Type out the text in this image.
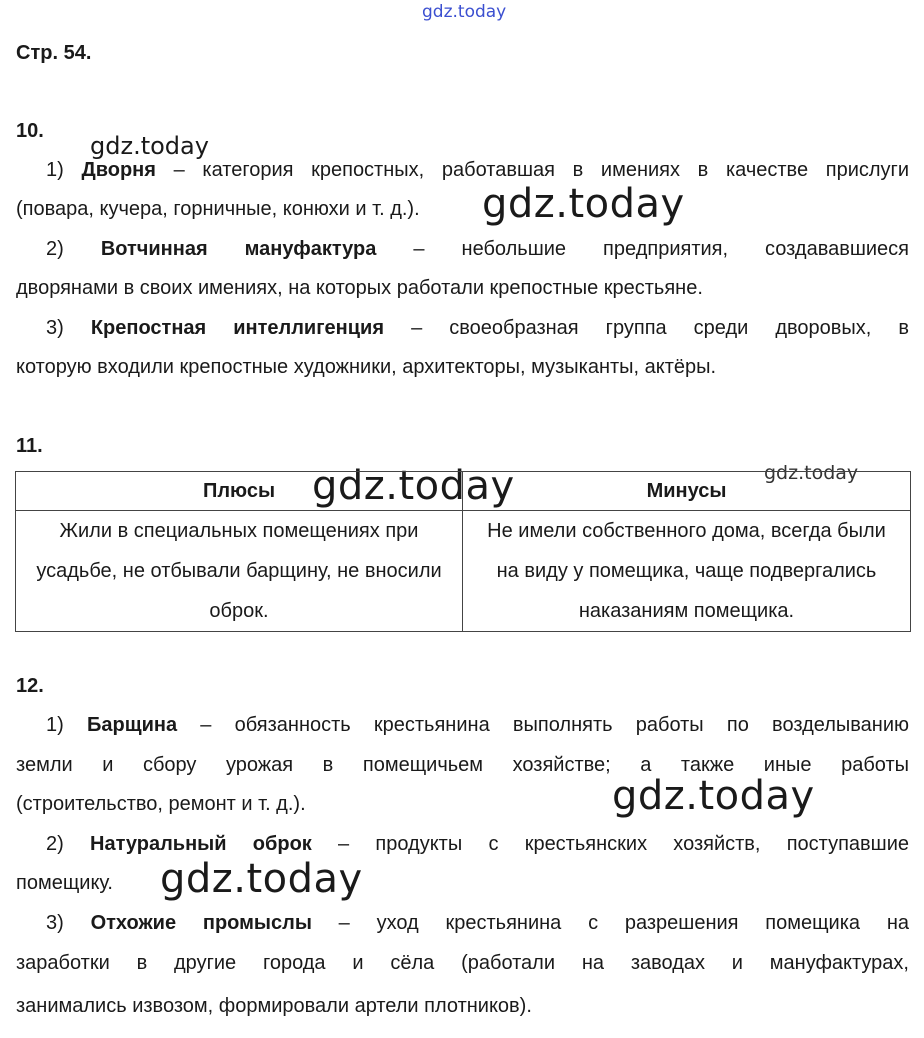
gdz.today
gdz.today
gdz.today
gdz.today	gdz.today
gdz.today
gdz.today
Стр. 54.
10.
1) Дворня – категория крепостных, работавшая в имениях в качестве прислуги
(повара, кучера, горничные, конюхи и т. д.).
2) Вотчинная мануфактура – небольшие предприятия, создававшиеся
дворянами в своих имениях, на которых работали крепостные крестьяне.
3) Крепостная интеллигенция – своеобразная группа среди дворовых, в
которую входили крепостные художники, архитекторы, музыканты, актёры.
11.
Плюсы	Минусы
Жили в специальных помещениях при усадьбе, не отбывали барщину, не вносили оброк.	Не имели собственного дома, всегда были на виду у помещика, чаще подвергались наказаниям помещика.
12.
1) Барщина – обязанность крестьянина выполнять работы по возделыванию
земли и сбору урожая в помещичьем хозяйстве; а также иные работы
(строительство, ремонт и т. д.).
2) Натуральный оброк – продукты с крестьянских хозяйств, поступавшие
помещику.
3) Отхожие промыслы – уход крестьянина с разрешения помещика на
заработки в другие города и сёла (работали на заводах и мануфактурах,
занимались извозом, формировали артели плотников).
